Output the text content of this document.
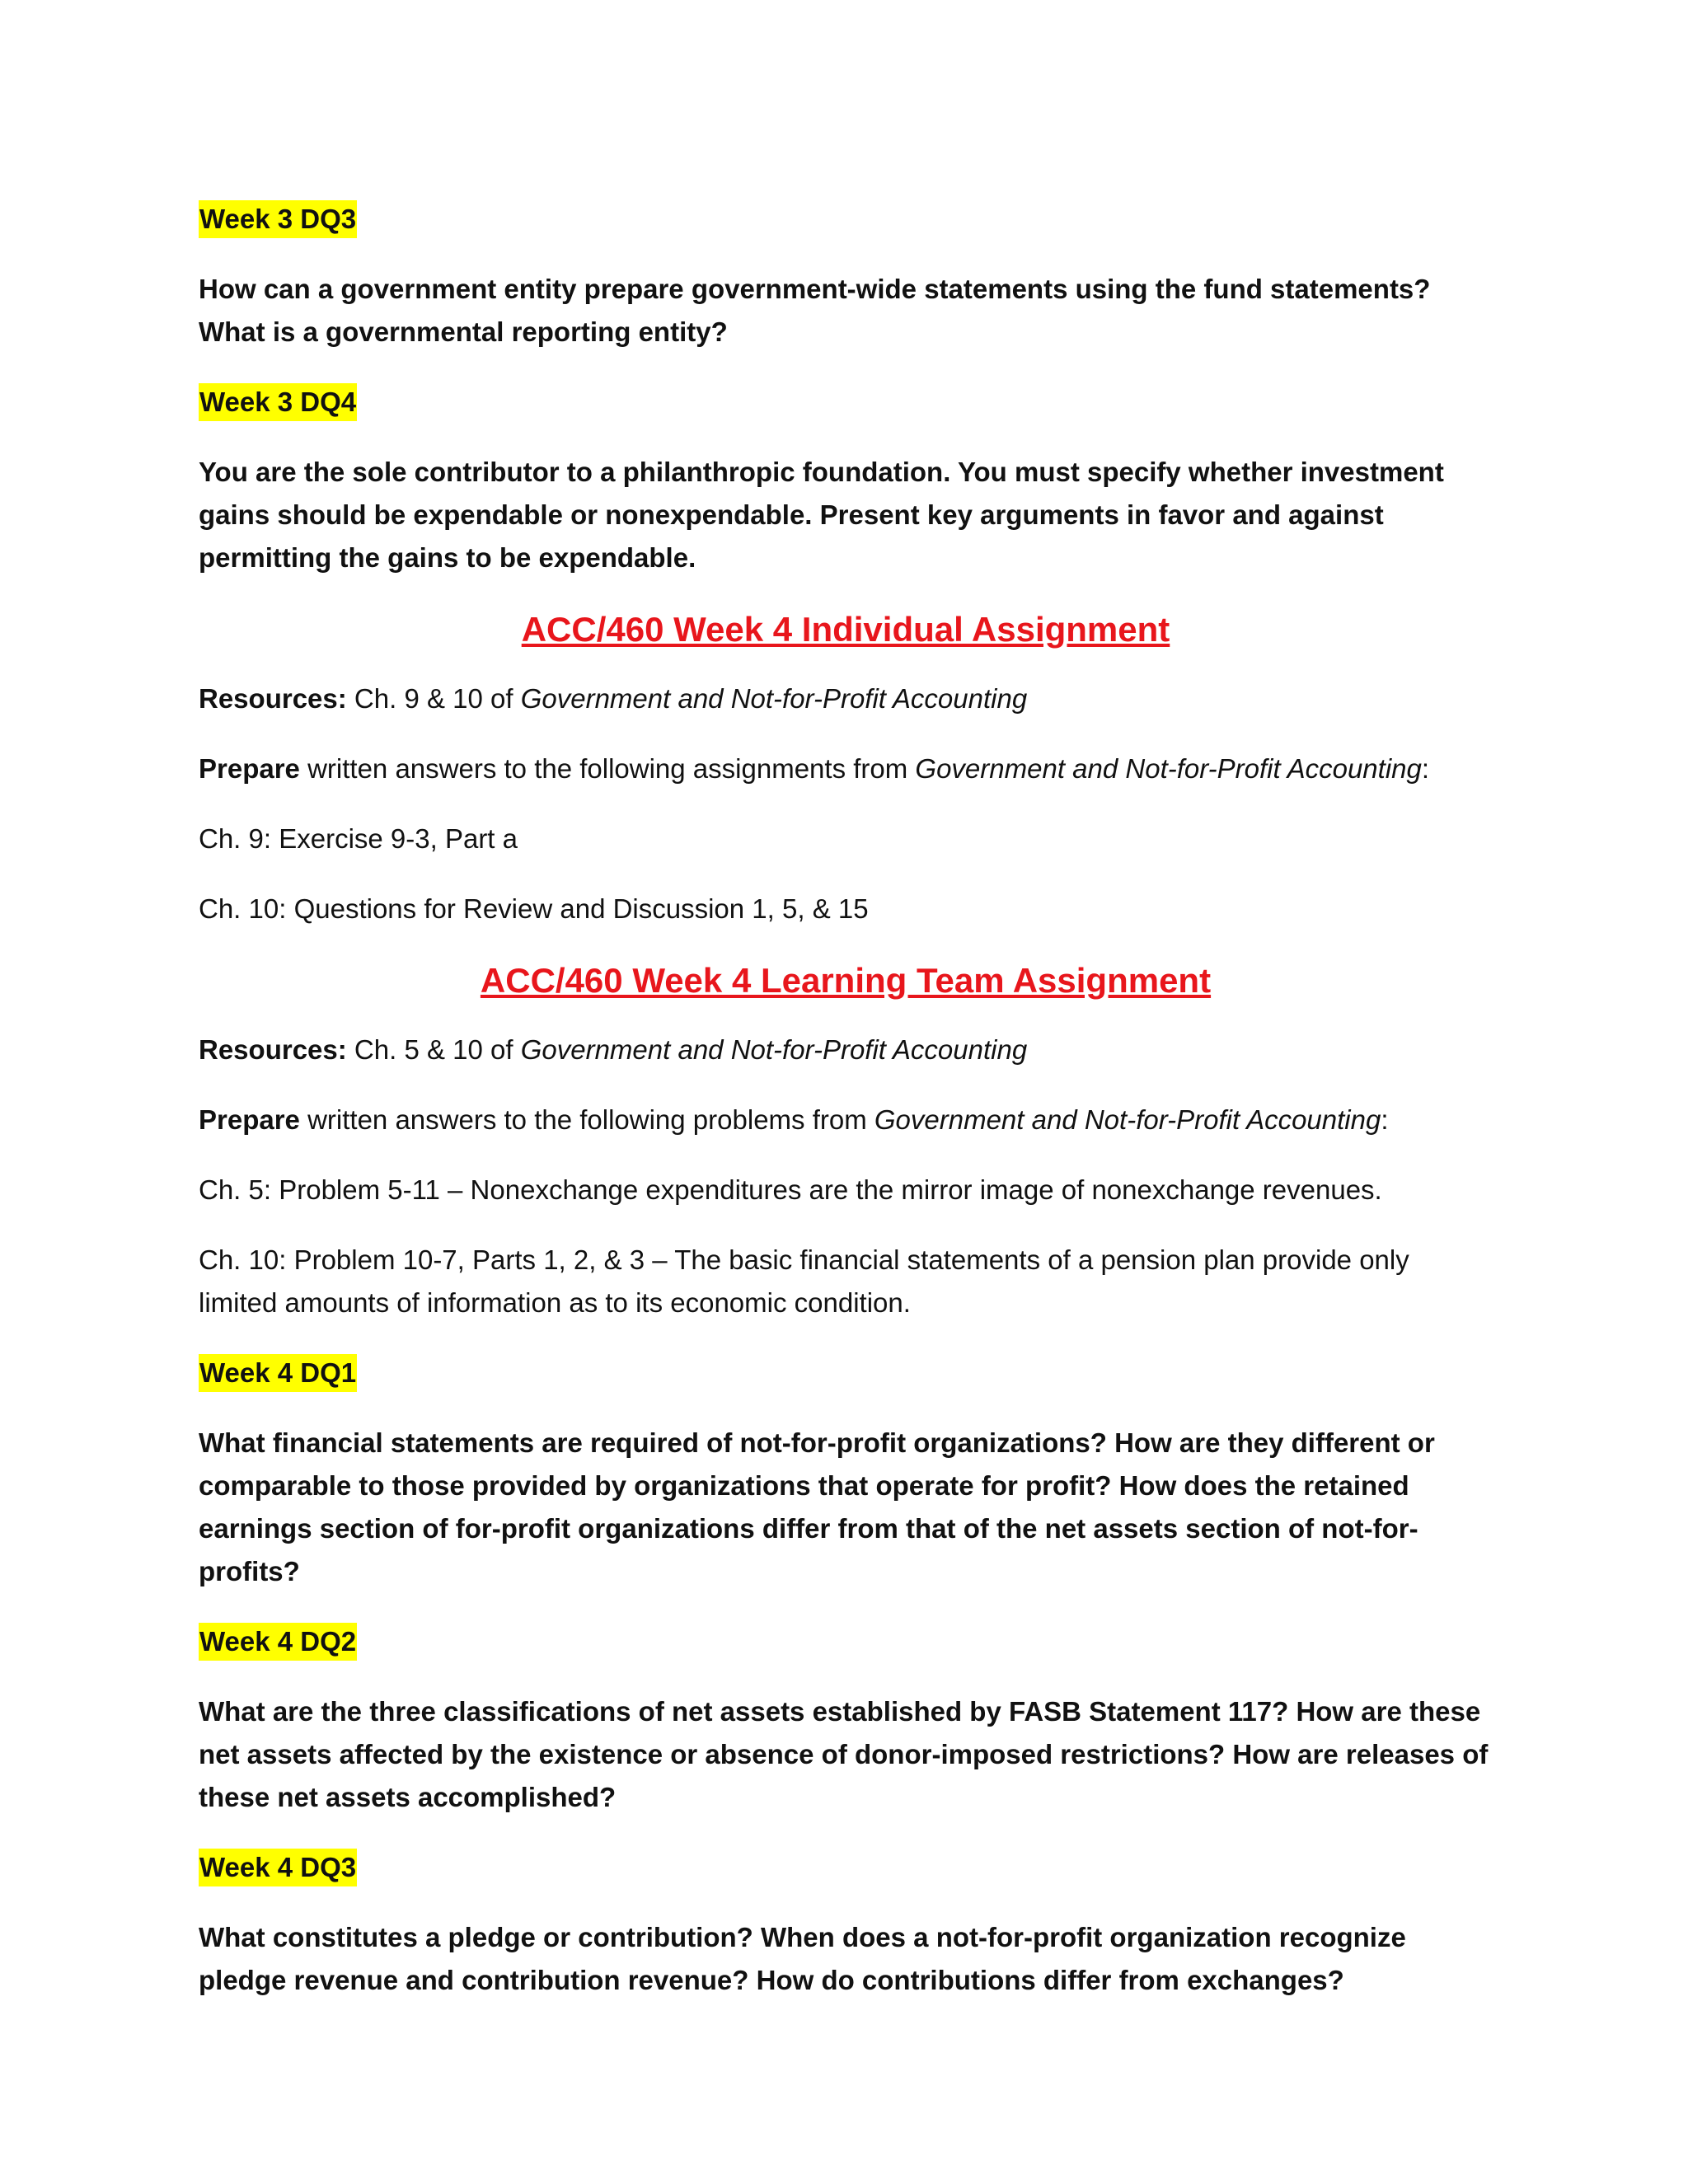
Week 3 DQ3
How can a government entity prepare government-wide statements using the fund statements? What is a governmental reporting entity?
Week 3 DQ4
You are the sole contributor to a philanthropic foundation. You must specify whether investment gains should be expendable or nonexpendable. Present key arguments in favor and against permitting the gains to be expendable.
ACC/460 Week 4 Individual Assignment
Resources: Ch. 9 & 10 of Government and Not-for-Profit Accounting
Prepare written answers to the following assignments from Government and Not-for-Profit Accounting:
Ch. 9: Exercise 9-3, Part a
Ch. 10: Questions for Review and Discussion 1, 5, & 15
ACC/460 Week 4 Learning Team Assignment
Resources: Ch. 5 & 10 of Government and Not-for-Profit Accounting
Prepare written answers to the following problems from Government and Not-for-Profit Accounting:
Ch. 5: Problem 5-11 – Nonexchange expenditures are the mirror image of nonexchange revenues.
Ch. 10: Problem 10-7, Parts 1, 2, & 3 – The basic financial statements of a pension plan provide only limited amounts of information as to its economic condition.
Week 4 DQ1
What financial statements are required of not-for-profit organizations? How are they different or comparable to those provided by organizations that operate for profit? How does the retained earnings section of for-profit organizations differ from that of the net assets section of not-for-profits?
Week 4 DQ2
What are the three classifications of net assets established by FASB Statement 117? How are these net assets affected by the existence or absence of donor-imposed restrictions? How are releases of these net assets accomplished?
Week 4 DQ3
What constitutes a pledge or contribution? When does a not-for-profit organization recognize pledge revenue and contribution revenue? How do contributions differ from exchanges?
